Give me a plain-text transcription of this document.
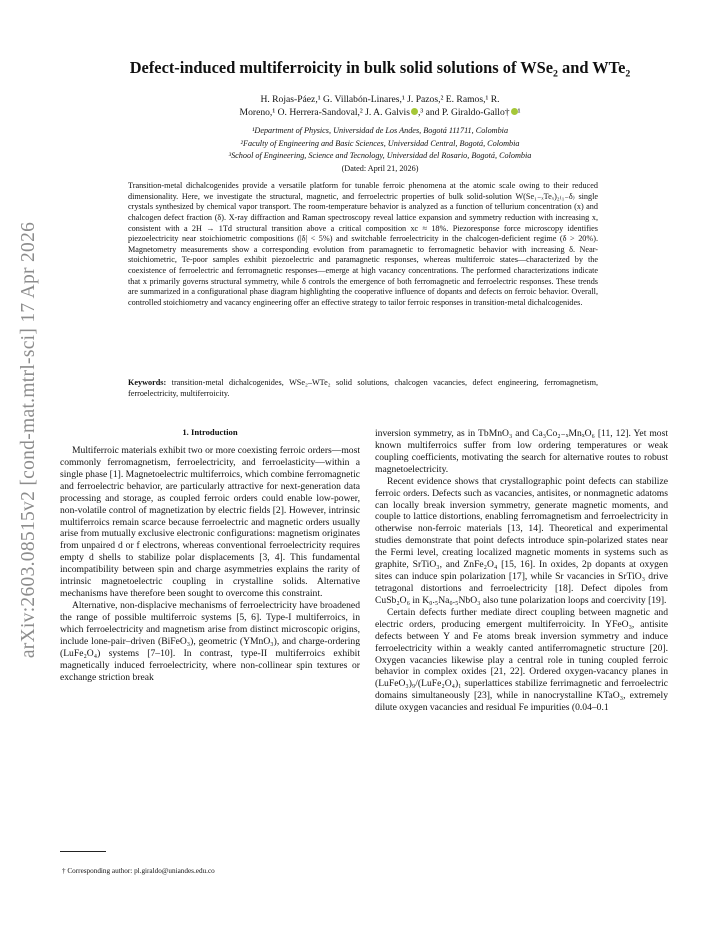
arXiv:2603.08515v2 [cond-mat.mtrl-sci] 17 Apr 2026
Defect-induced multiferroicity in bulk solid solutions of WSe₂ and WTe₂
H. Rojas-Páez,¹ G. Villabón-Linares,¹ J. Pazos,² E. Ramos,¹ R.
Moreno,¹ O. Herrera-Sandoval,² J. A. Galvis ,³ and P. Giraldo-Gallo† ¹
¹Department of Physics, Universidad de Los Andes, Bogotá 111711, Colombia
²Faculty of Engineering and Basic Sciences, Universidad Central, Bogotá, Colombia
³School of Engineering, Science and Tecnology, Universidad del Rosario, Bogotá, Colombia
(Dated: April 21, 2026)
Transition-metal dichalcogenides provide a versatile platform for tunable ferroic phenomena at the atomic scale owing to their reduced dimensionality. Here, we investigate the structural, magnetic, and ferroelectric properties of bulk solid-solution W(Se₁₋ₓTeₓ)₂₍₁₋δ₎ single crystals synthesized by chemical vapor transport. The room-temperature behavior is analyzed as a function of tellurium concentration (x) and chalcogen defect fraction (δ). X-ray diffraction and Raman spectroscopy reveal lattice expansion and symmetry reduction with increasing x, consistent with a 2H → 1Td structural transition above a critical composition xc ≈ 18%. Piezoresponse force microscopy identifies piezoelectricity near stoichiometric compositions (|δ| < 5%) and switchable ferroelectricity in the chalcogen-deficient regime (δ > 20%). Magnetometry measurements show a corresponding evolution from paramagnetic to ferromagnetic behavior with increasing δ. Near-stoichiometric, Te-poor samples exhibit piezoelectric and paramagnetic responses, whereas multiferroic states—characterized by the coexistence of ferroelectric and ferromagnetic responses—emerge at high vacancy concentrations. The performed characterizations indicate that x primarily governs structural symmetry, while δ controls the emergence of both ferromagnetic and ferroelectric responses. These trends are summarized in a configurational phase diagram highlighting the cooperative influence of dopants and defects on ferroic behavior. Overall, controlled stoichiometry and vacancy engineering offer an effective strategy to tailor ferroic responses in transition-metal dichalcogenides.
Keywords: transition-metal dichalcogenides, WSe₂–WTe₂ solid solutions, chalcogen vacancies, defect engineering, ferromagnetism, ferroelectricity, multiferroicity.
1. Introduction

Multiferroic materials exhibit two or more coexisting ferroic orders—most commonly ferromagnetism, ferroelectricity, and ferroelasticity—within a single phase [1]. Magnetoelectric multiferroics, which combine ferromagnetic and ferroelectric behavior, are particularly attractive for next-generation data processing and storage, as coupled ferroic orders could enable low-power, non-volatile control of magnetization by electric fields [2]. However, intrinsic multiferroics remain scarce because ferroelectric and magnetic orders usually arise from mutually exclusive electronic configurations: magnetism originates from unpaired d or f electrons, whereas conventional ferroelectricity requires empty d shells to stabilize polar displacements [3, 4]. This fundamental incompatibility between spin and charge asymmetries explains the rarity of intrinsic magnetoelectric coupling in crystalline solids. Alternative mechanisms have therefore been sought to overcome this constraint.

Alternative, non-displacive mechanisms of ferroelectricity have broadened the range of possible multiferroic systems [5, 6]. Type-I multiferroics, in which ferroelectricity and magnetism arise from distinct microscopic origins, include lone-pair–driven (BiFeO₃), geometric (YMnO₃), and charge-ordering (LuFe₂O₄) systems [7–10]. In contrast, type-II multiferroics exhibit magnetically induced ferroelectricity, where non-collinear spin textures or exchange striction break

inversion symmetry, as in TbMnO₃ and Ca₃Co₂₋ₓMnₓO₆ [11, 12]. Yet most known multiferroics suffer from low ordering temperatures or weak coupling coefficients, motivating the search for alternative routes to robust magnetoelectricity.

Recent evidence shows that crystallographic point defects can stabilize ferroic orders. Defects such as vacancies, antisites, or nonmagnetic adatoms can locally break inversion symmetry, generate magnetic moments, and couple to lattice distortions, enabling ferromagnetism and ferroelectricity in otherwise non-ferroic materials [13, 14]. Theoretical and experimental studies demonstrate that point defects introduce spin-polarized states near the Fermi level, creating localized magnetic moments in systems such as graphite, SrTiO₃, and ZnFe₂O₄ [15, 16]. In oxides, 2p dopants at oxygen sites can induce spin polarization [17], while Sr vacancies in SrTiO₃ drive tetragonal distortions and ferroelectricity [18]. Defect dipoles from CuSb₂O₆ in K₀.₅Na₀.₅NbO₃ also tune polarization loops and coercivity [19].

Certain defects further mediate direct coupling between magnetic and electric orders, producing emergent multiferroicity. In YFeO₃, antisite defects between Y and Fe atoms break inversion symmetry and induce ferroelectricity within a weakly canted antiferromagnetic structure [20]. Oxygen vacancies likewise play a central role in tuning coupled ferroic behavior in complex oxides [21, 22]. Ordered oxygen-vacancy planes in (LuFeO₃)₉/(LuFe₂O₄)₁ superlattices stabilize ferrimagnetic and ferroelectric domains simultaneously [23], while in nanocrystalline KTaO₃, extremely dilute oxygen vacancies and residual Fe impurities (0.04–0.1

† Corresponding author: pl.giraldo@uniandes.edu.co
